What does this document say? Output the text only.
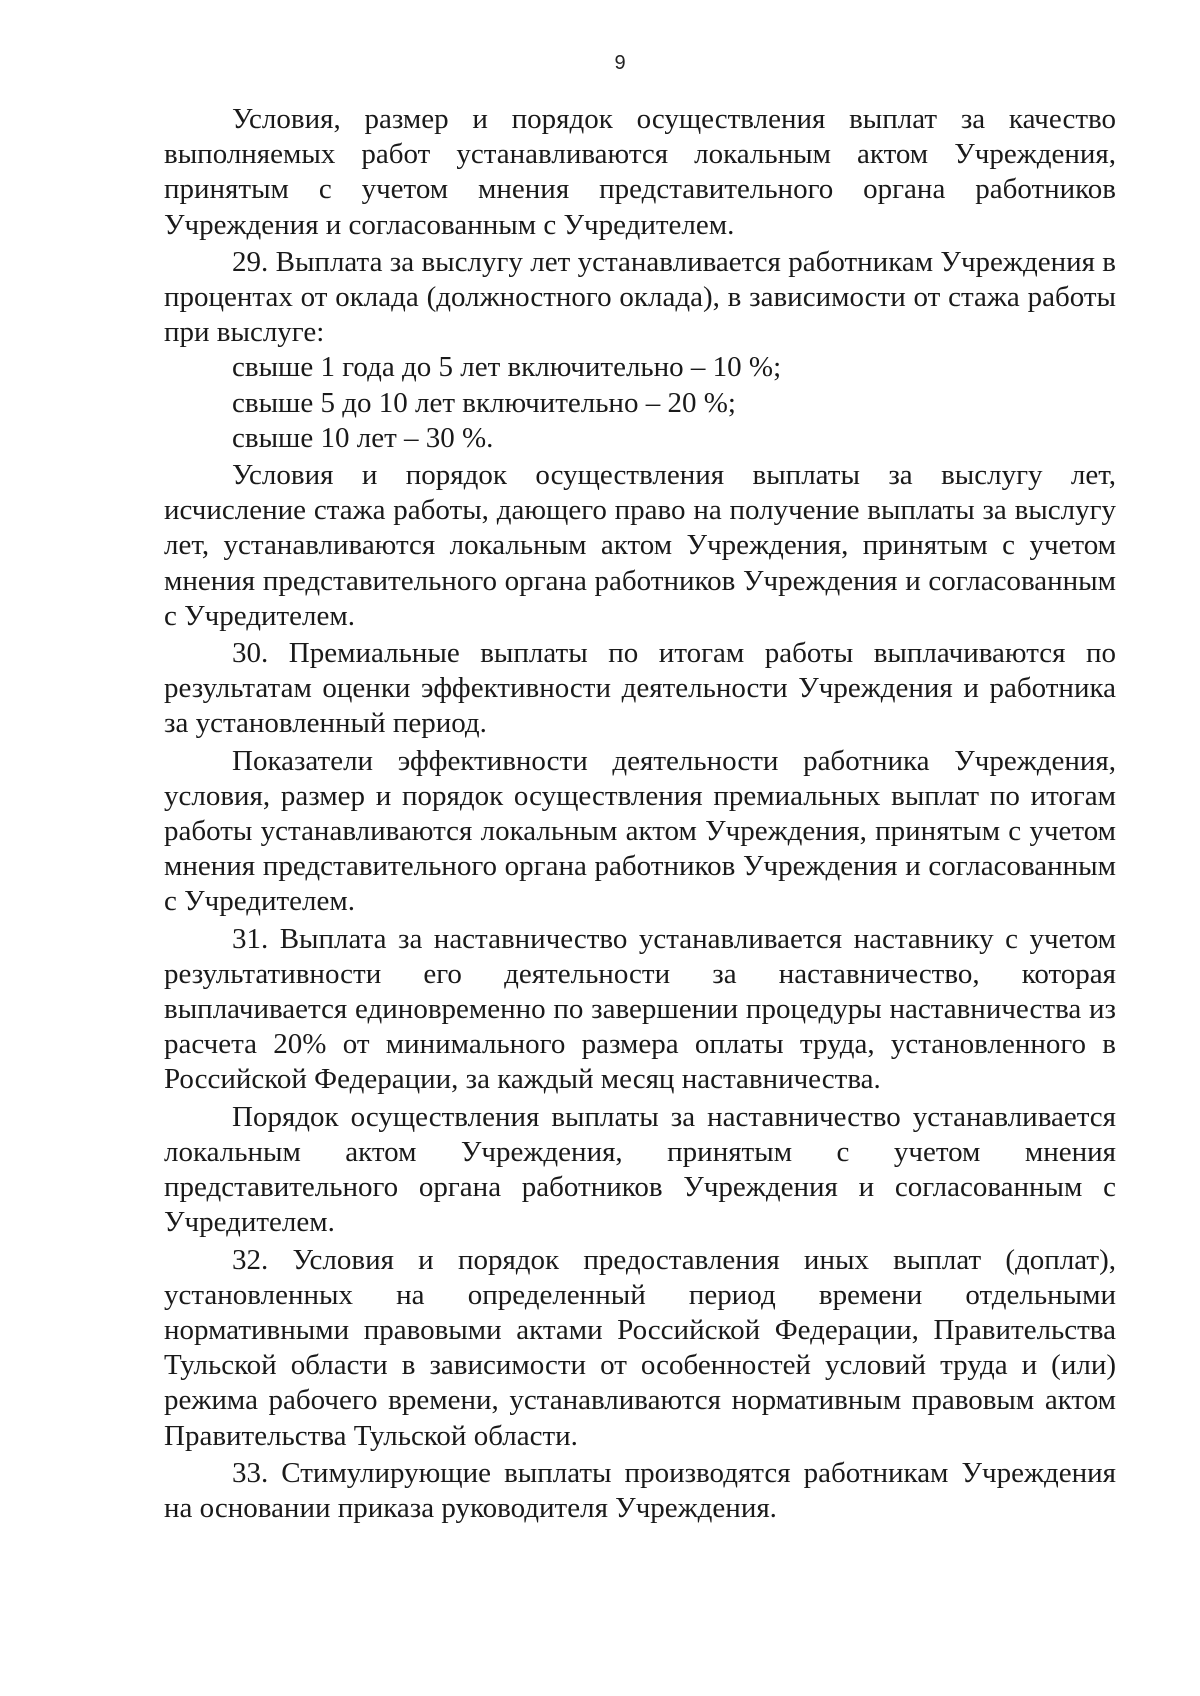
9

Условия, размер и порядок осуществления выплат за качество выполняемых работ устанавливаются локальным актом Учреждения, принятым с учетом мнения представительного органа работников Учреждения и согласованным с Учредителем.

29. Выплата за выслугу лет устанавливается работникам Учреждения в процентах от оклада (должностного оклада), в зависимости от стажа работы при выслуге:

свыше 1 года до 5 лет включительно – 10 %;
свыше 5 до 10 лет включительно – 20 %;
свыше 10 лет – 30 %.

Условия и порядок осуществления выплаты за выслугу лет, исчисление стажа работы, дающего право на получение выплаты за выслугу лет, устанавливаются локальным актом Учреждения, принятым с учетом мнения представительного органа работников Учреждения и согласованным с Учредителем.

30. Премиальные выплаты по итогам работы выплачиваются по результатам оценки эффективности деятельности Учреждения и работника за установленный период.

Показатели эффективности деятельности работника Учреждения, условия, размер и порядок осуществления премиальных выплат по итогам работы устанавливаются локальным актом Учреждения, принятым с учетом мнения представительного органа работников Учреждения и согласованным с Учредителем.

31. Выплата за наставничество устанавливается наставнику с учетом результативности его деятельности за наставничество, которая выплачивается единовременно по завершении процедуры наставничества из расчета 20% от минимального размера оплаты труда, установленного в Российской Федерации, за каждый месяц наставничества.

Порядок осуществления выплаты за наставничество устанавливается локальным актом Учреждения, принятым с учетом мнения представительного органа работников Учреждения и согласованным с Учредителем.

32. Условия и порядок предоставления иных выплат (доплат), установленных на определенный период времени отдельными нормативными правовыми актами Российской Федерации, Правительства Тульской области в зависимости от особенностей условий труда и (или) режима рабочего времени, устанавливаются нормативным правовым актом Правительства Тульской области.

33. Стимулирующие выплаты производятся работникам Учреждения на основании приказа руководителя Учреждения.
